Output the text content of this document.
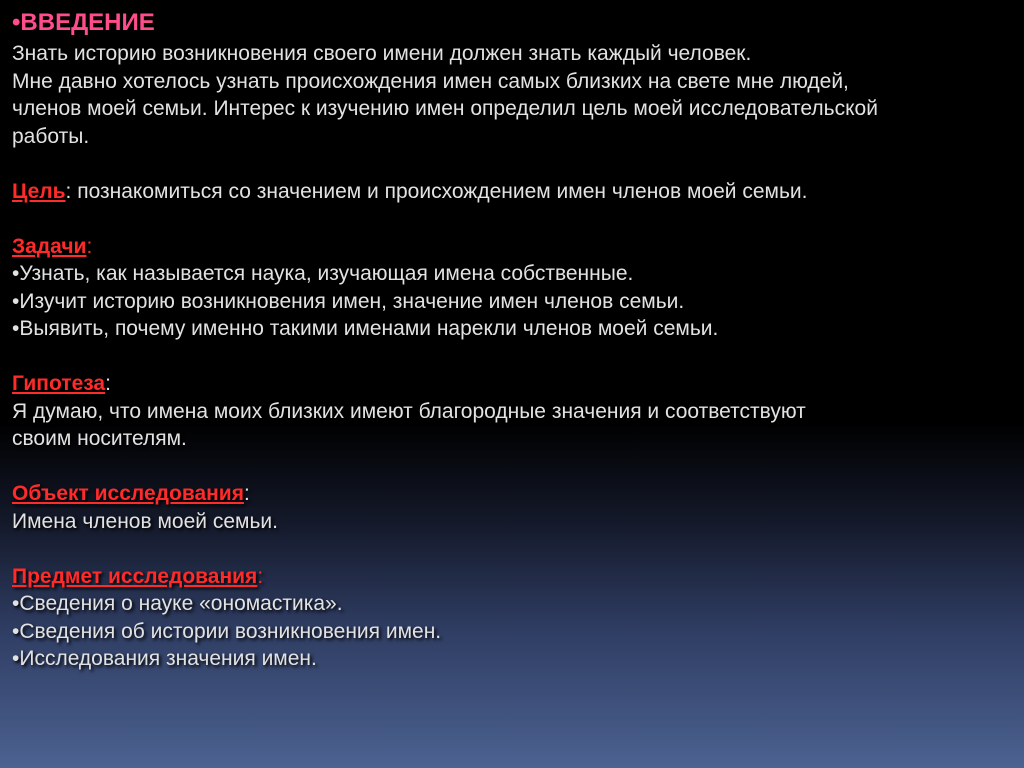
•ВВЕДЕНИЕ
Знать историю возникновения своего имени должен знать каждый человек.
Мне давно хотелось узнать происхождения имен самых близких на свете мне людей,
членов моей семьи. Интерес к изучению имен определил цель моей исследовательской
работы.
Цель: познакомиться со значением и происхождением имен членов моей семьи.
Задачи:
•Узнать, как называется наука, изучающая имена собственные.
•Изучит историю возникновения имен, значение имен членов семьи.
•Выявить, почему именно такими именами нарекли членов моей семьи.
Гипотеза:
Я думаю, что имена моих близких имеют благородные значения и соответствуют
своим носителям.
Объект исследования:
Имена членов моей семьи.
Предмет исследования:
•Сведения о науке «ономастика».
•Сведения об истории возникновения имен.
•Исследования значения имен.
